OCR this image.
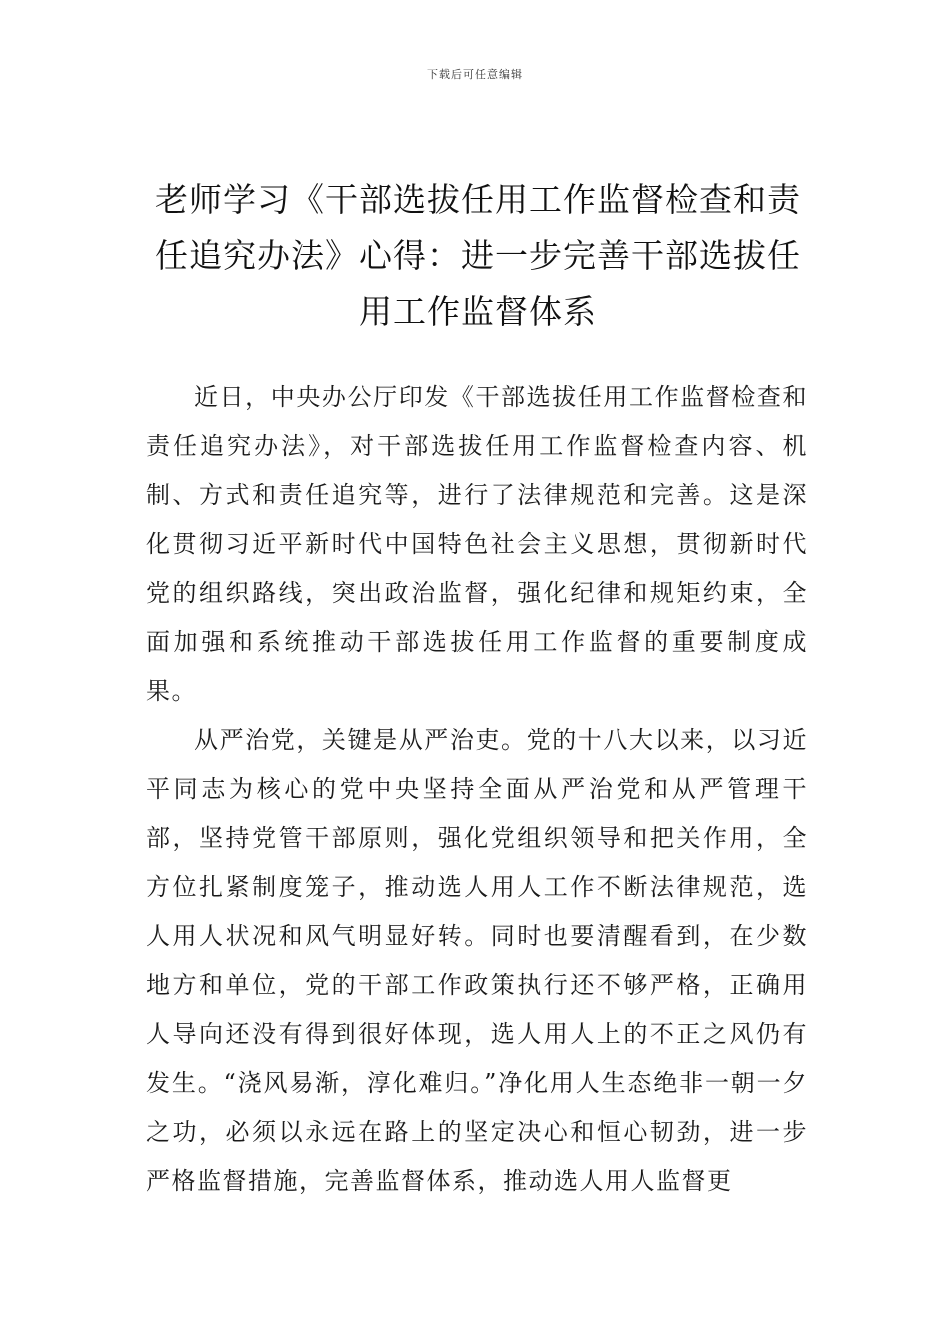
下载后可任意编辑
老师学习《干部选拔任用工作监督检查和责任追究办法》心得：进一步完善干部选拔任用工作监督体系

近日，中央办公厅印发《干部选拔任用工作监督检查和责任追究办法》，对干部选拔任用工作监督检查内容、机制、方式和责任追究等，进行了法律规范和完善。这是深化贯彻习近平新时代中国特色社会主义思想，贯彻新时代党的组织路线，突出政治监督，强化纪律和规矩约束，全面加强和系统推动干部选拔任用工作监督的重要制度成果。

从严治党，关键是从严治吏。党的十八大以来，以习近平同志为核心的党中央坚持全面从严治党和从严管理干部，坚持党管干部原则，强化党组织领导和把关作用，全方位扎紧制度笼子，推动选人用人工作不断法律规范，选人用人状况和风气明显好转。同时也要清醒看到，在少数地方和单位，党的干部工作政策执行还不够严格，正确用人导向还没有得到很好体现，选人用人上的不正之风仍有发生。“浇风易渐，淳化难归。”净化用人生态绝非一朝一夕之功，必须以永远在路上的坚定决心和恒心韧劲，进一步严格监督措施，完善监督体系，推动选人用人监督更
